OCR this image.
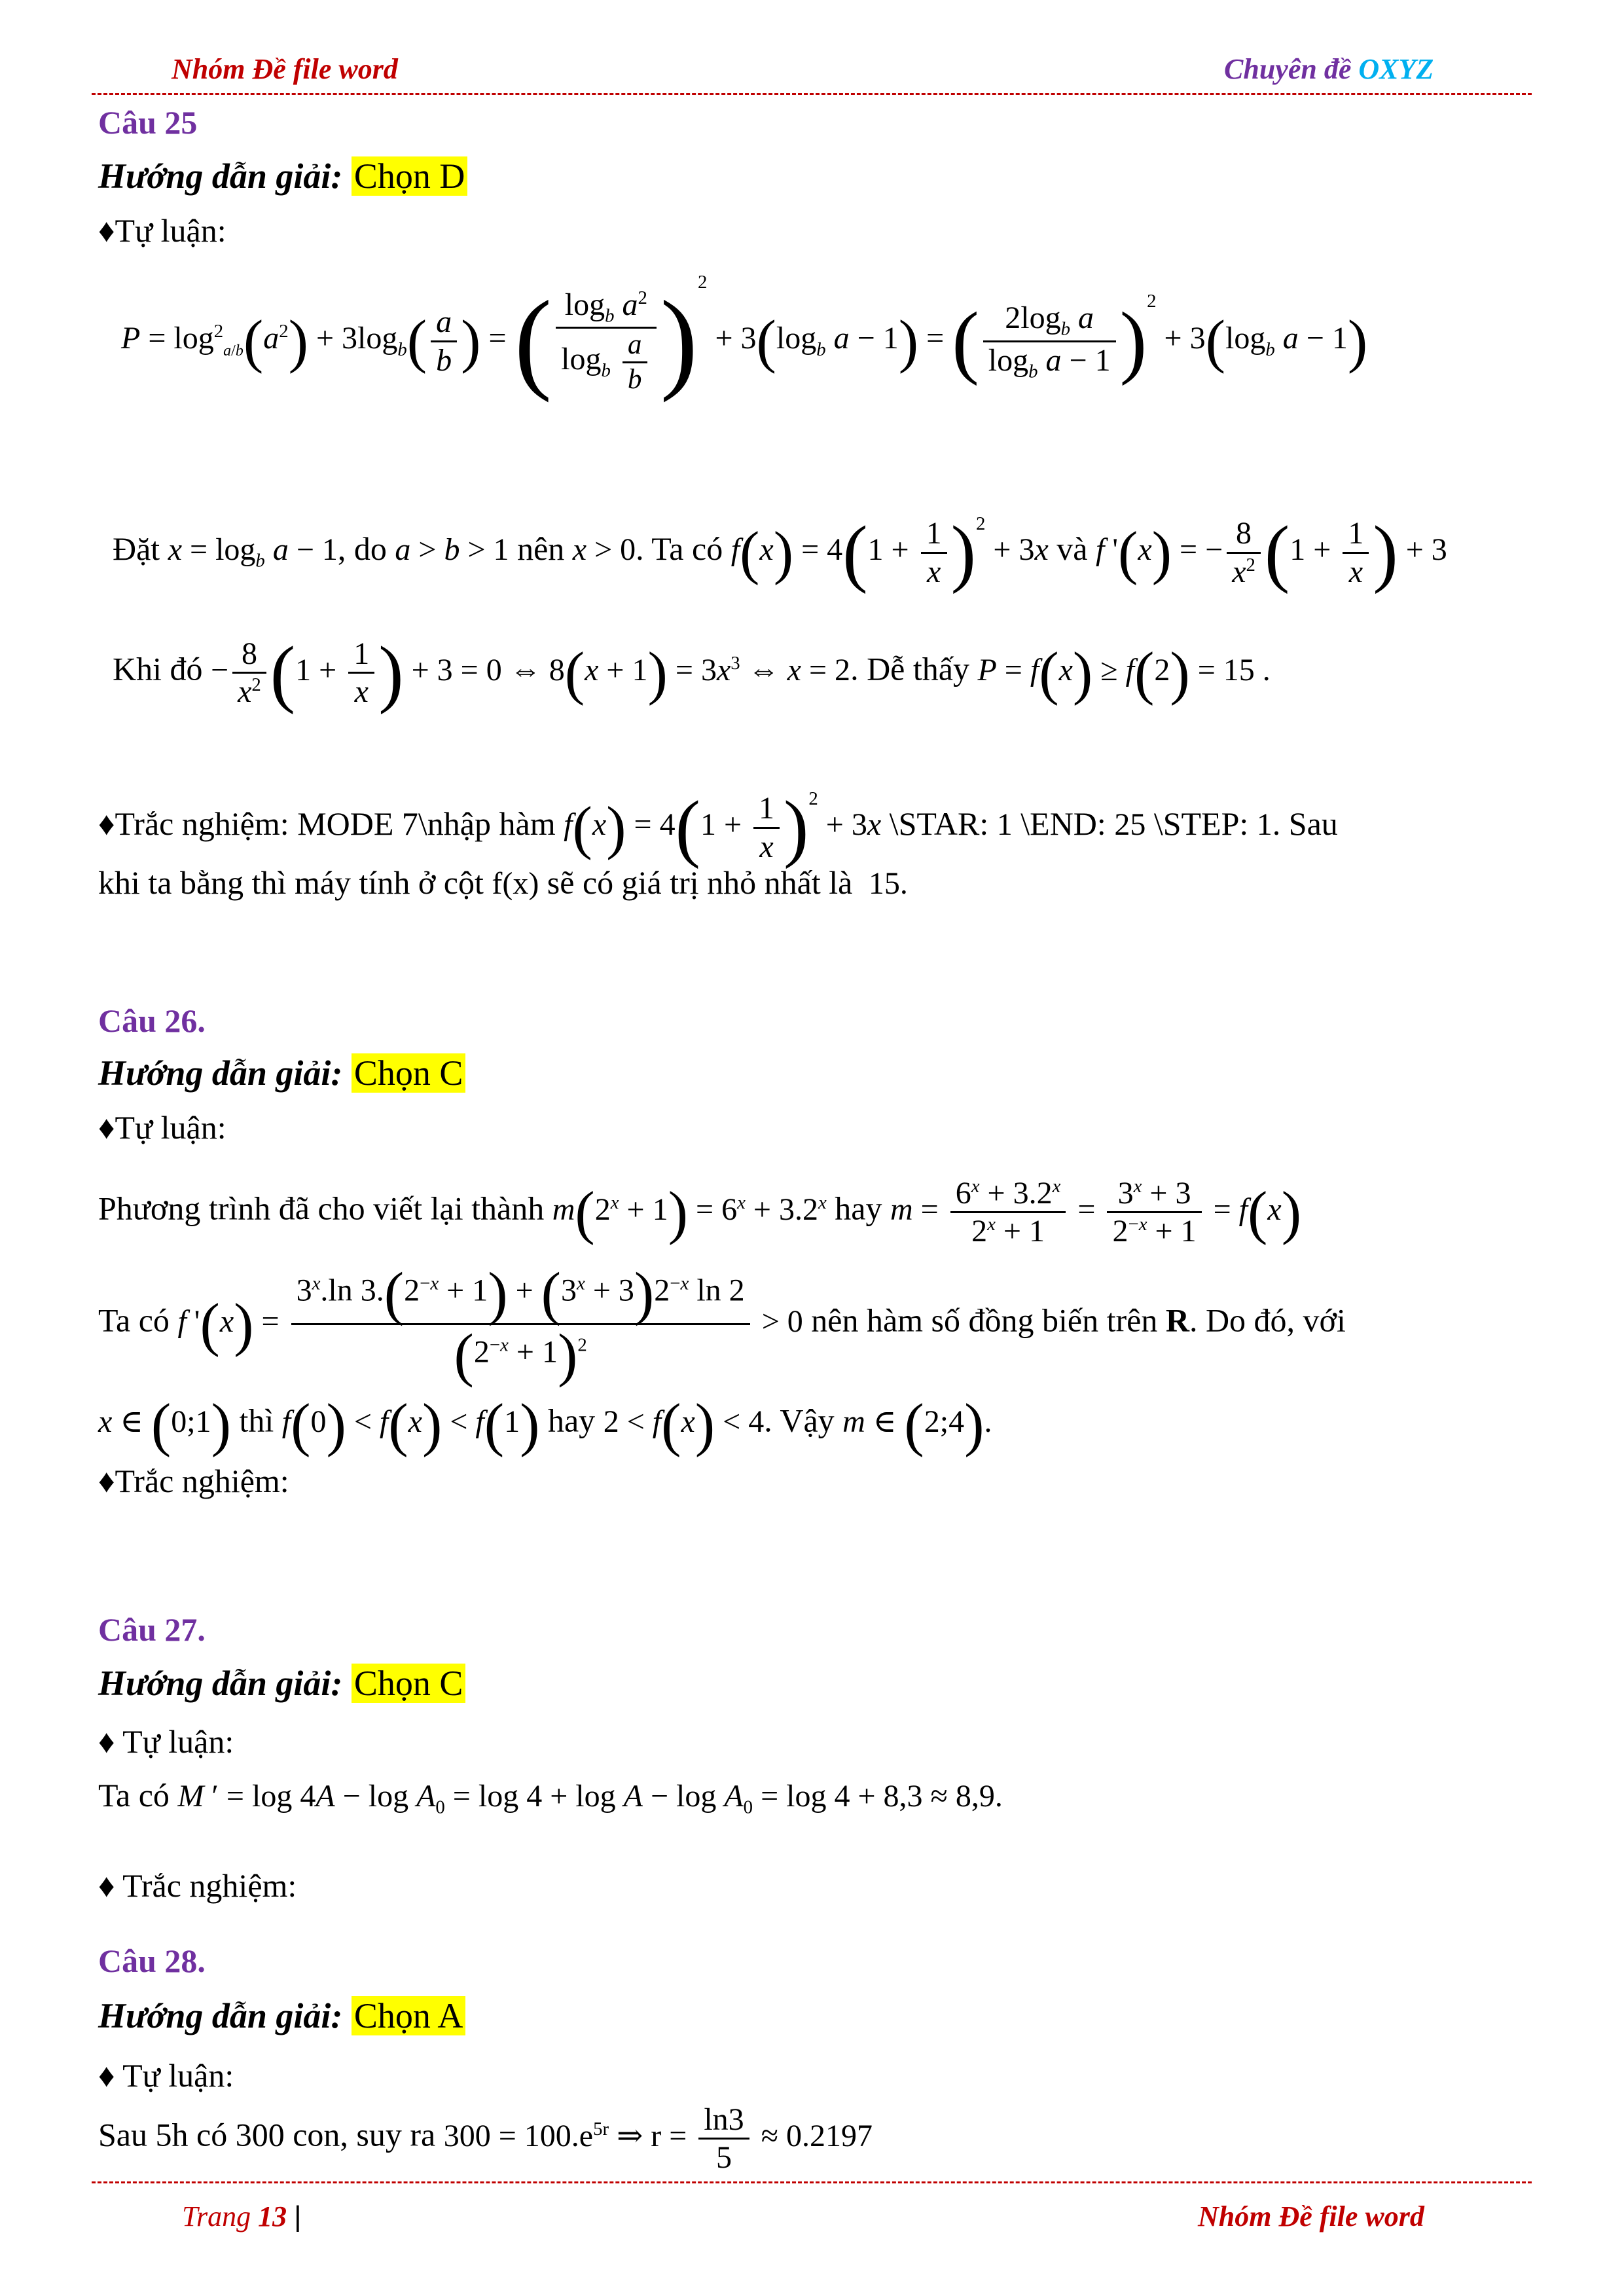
Nhóm Đề file word	Chuyên đề OXYZ
Câu 25
Hướng dẫn giải: Chọn D
♦Tự luận:
$P = \log^2_{a/b}(a^2) + 3\log_b( \frac{a}{b}$ ) = ( $\frac{\log_b a^2}{\log_b \frac{a}{b}} )^2 + 3(\log_b$ a − 1) = ( $\frac{2\log_b a}{\log_b a - 1} )^2 + 3(\log_b$ a − 1)
Đặt $x = \log_b a - 1$, do a > b > 1 nên x > 0. Ta có $f(x) = 4(1 + \frac{1}{x} )^2 + 3x$ và f '(x) = − $\frac{8}{x^2} (1 + \frac{1}{x}$ ) + 3
Khi đó − $\frac{8}{x^2} (1 + \frac{1}{x}$ ) + 3 = 0 ⇔ $8(x + 1) = 3x^3$ ⇔ x = 2. Dễ thấy P = f(x) ≥ f(2) = 15 .
♦Trắc nghiệm: MODE 7\nhập hàm $f(x) = 4(1 + \frac{1}{x} )^2 + 3x$ \STAR: 1 \END: 25 \STEP: 1. Sau
khi ta bằng thì máy tính ở cột f(x) sẽ có giá trị nhỏ nhất là 15.
Câu 26.
Hướng dẫn giải: Chọn C
♦Tự luận:
Phương trình đã cho viết lại thành $m(2^x + 1) = 6^x + 3.2^x$ hay $m = \frac{6^x + 3.2^x}{2^x + 1} = \frac{3^x + 3}{2^{-x} + 1} = f(x)$
Ta có f '$(x) = \frac{3^x.\ln 3.(2^{-x} + 1) + (3^x + 3)2^{-x} \ln 2}{(2^{-x} + 1)^2} > 0$ nên hàm số đồng biến trên R. Do đó, với
x ∈ (0;1) thì f(0) < f(x) < f(1) hay 2 < f(x) < 4. Vậy m ∈ (2;4).
♦Trắc nghiệm:
Câu 27.
Hướng dẫn giải: Chọn C
♦ Tự luận:
Ta có M ′ = $\log 4A - \log A_0 = \log 4 + \log A - \log A_0 = \log 4 + 8,3 \approx 8,9$.
♦ Trắc nghiệm:
Câu 28.
Hướng dẫn giải: Chọn A
♦ Tự luận:
Sau 5h có 300 con, suy ra $300 = 100.e^{5r}$ ⇒ $r = \frac{\ln 3}{5} \approx 0.2197$
Trang 13 |	Nhóm Đề file word
